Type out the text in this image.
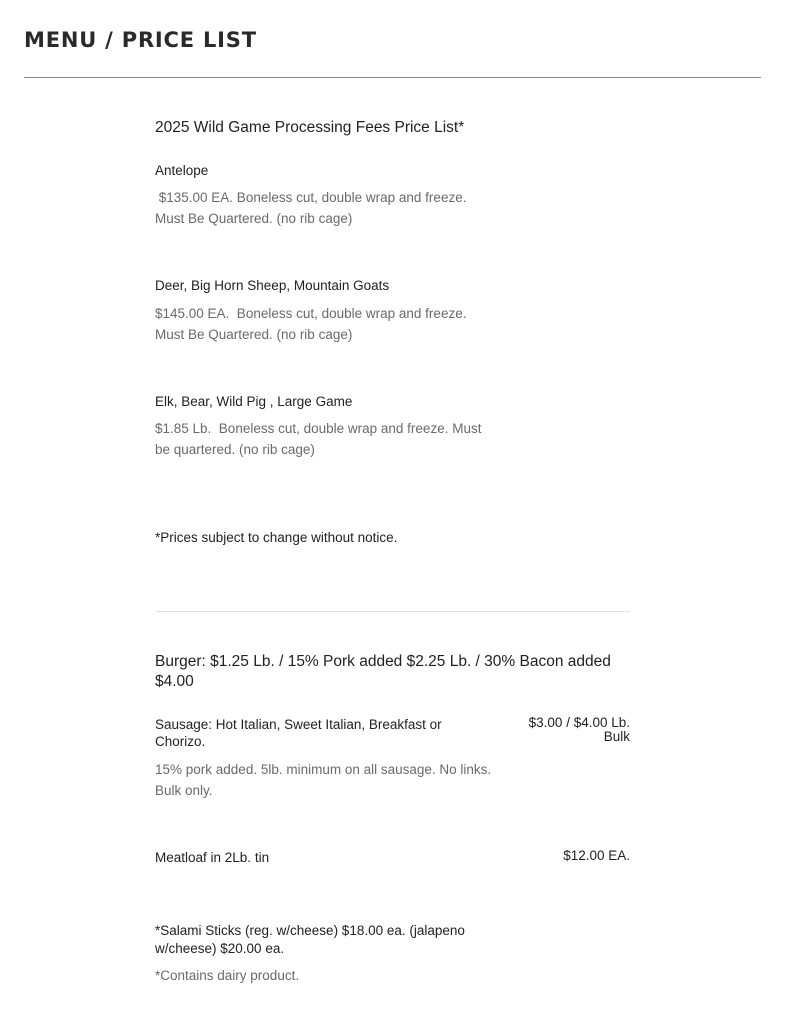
MENU / PRICE LIST
2025 Wild Game Processing Fees Price List*
Antelope
$135.00 EA. Boneless cut, double wrap and freeze.
Must Be Quartered. (no rib cage)
Deer, Big Horn Sheep, Mountain Goats
$145.00 EA.  Boneless cut, double wrap and freeze.
Must Be Quartered. (no rib cage)
Elk, Bear, Wild Pig , Large Game
$1.85 Lb.  Boneless cut, double wrap and freeze. Must
be quartered. (no rib cage)
*Prices subject to change without notice.
Burger: $1.25 Lb. / 15% Pork added $2.25 Lb. / 30% Bacon added
$4.00
Sausage: Hot Italian, Sweet Italian, Breakfast or
Chorizo.
$3.00 / $4.00 Lb.
Bulk
15% pork added. 5lb. minimum on all sausage. No links.
Bulk only.
Meatloaf in 2Lb. tin	$12.00 EA.
*Salami Sticks (reg. w/cheese) $18.00 ea. (jalapeno
w/cheese) $20.00 ea.
*Contains dairy product.
